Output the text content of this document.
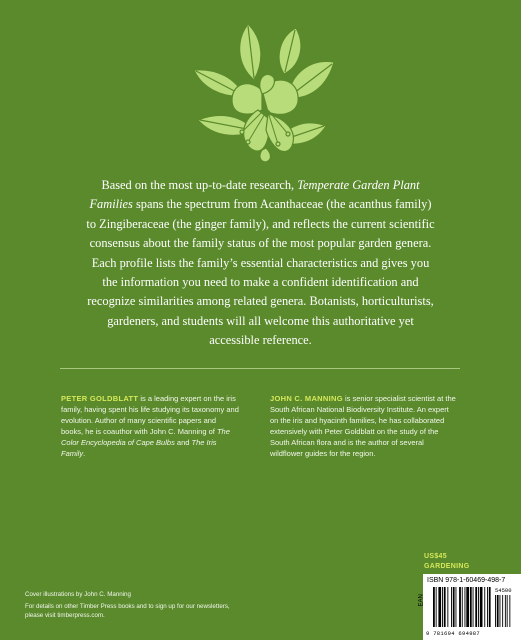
Based on the most up-to-date research, Temperate Garden Plant Families spans the spectrum from Acanthaceae (the acanthus family) to Zingiberaceae (the ginger family), and reflects the current scientific consensus about the family status of the most popular garden genera. Each profile lists the family’s essential characteristics and gives you the information you need to make a confident identification and recognize similarities among related genera. Botanists, horticulturists, gardeners, and students will all welcome this authoritative yet accessible reference.
PETER GOLDBLATT is a leading expert on the iris family, having spent his life studying its taxonomy and evolution. Author of many scientific papers and books, he is coauthor with John C. Manning of The Color Encyclopedia of Cape Bulbs and The Iris Family.
JOHN C. MANNING is senior specialist scientist at the South African National Biodiversity Institute. An expert on the iris and hyacinth families, he has collaborated extensively with Peter Goldblatt on the study of the South African flora and is the author of several wildflower guides for the region.
US$45
GARDENING

Cover illustrations by John C. Manning

For details on other Timber Press books and to sign up for our newsletters, please visit timberpress.com.

ISBN 978-1-60469-498-7
EAN
9 781604 694987
54500
